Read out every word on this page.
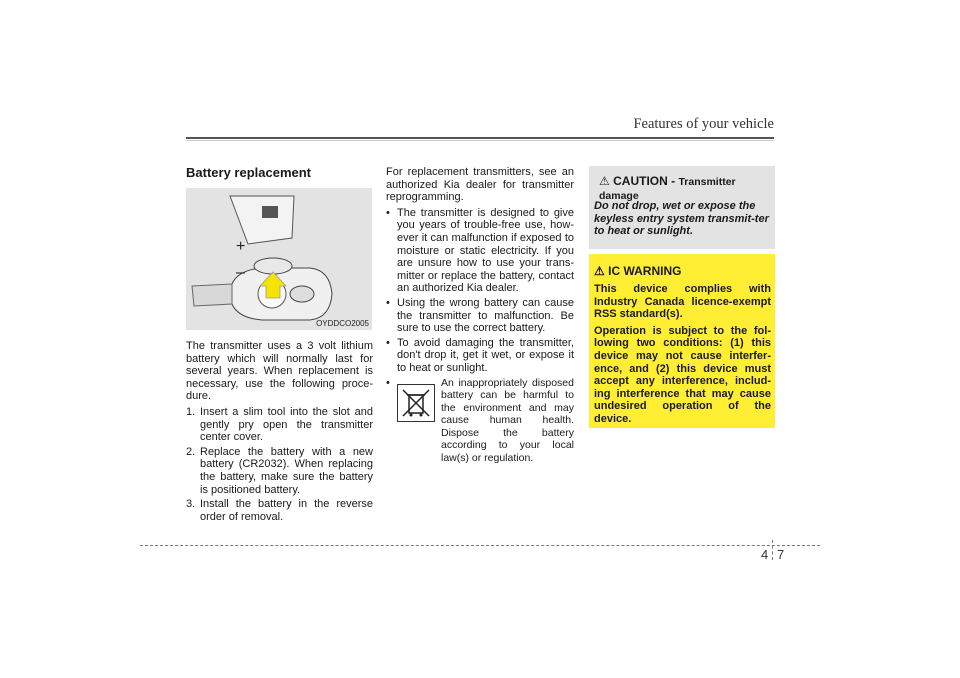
Features of your vehicle
Battery replacement
+
–
OYDDCO2005

The transmitter uses a 3 volt lithium battery which will normally last for several years. When replacement is necessary, use the following proce-dure.

1. Insert a slim tool into the slot and gently pry open the transmitter center cover.
2. Replace the battery with a new battery (CR2032). When replacing the battery, make sure the battery is positioned battery.
3. Install the battery in the reverse order of removal.

For replacement transmitters, see an authorized Kia dealer for transmitter reprogramming.

• The transmitter is designed to give you years of trouble-free use, how-ever it can malfunction if exposed to moisture or static electricity. If you are unsure how to use your trans-mitter or replace the battery, contact an authorized Kia dealer.
• Using the wrong battery can cause the transmitter to malfunction. Be sure to use the correct battery.
• To avoid damaging the transmitter, don't drop it, get it wet, or expose it to heat or sunlight.
•	An inappropriately disposed battery can be harmful to the environment and may cause human health. Dispose the battery according to your local law(s) or regulation.
⚠ CAUTION - Transmitter damage
Do not drop, wet or expose the keyless entry system transmit-ter to heat or sunlight.
⚠ IC WARNING

This device complies with Industry Canada licence-exempt RSS standard(s).

Operation is subject to the fol-lowing two conditions: (1) this device may not cause interfer-ence, and (2) this device must accept any interference, includ-ing interference that may cause undesired operation of the device.

4 7
